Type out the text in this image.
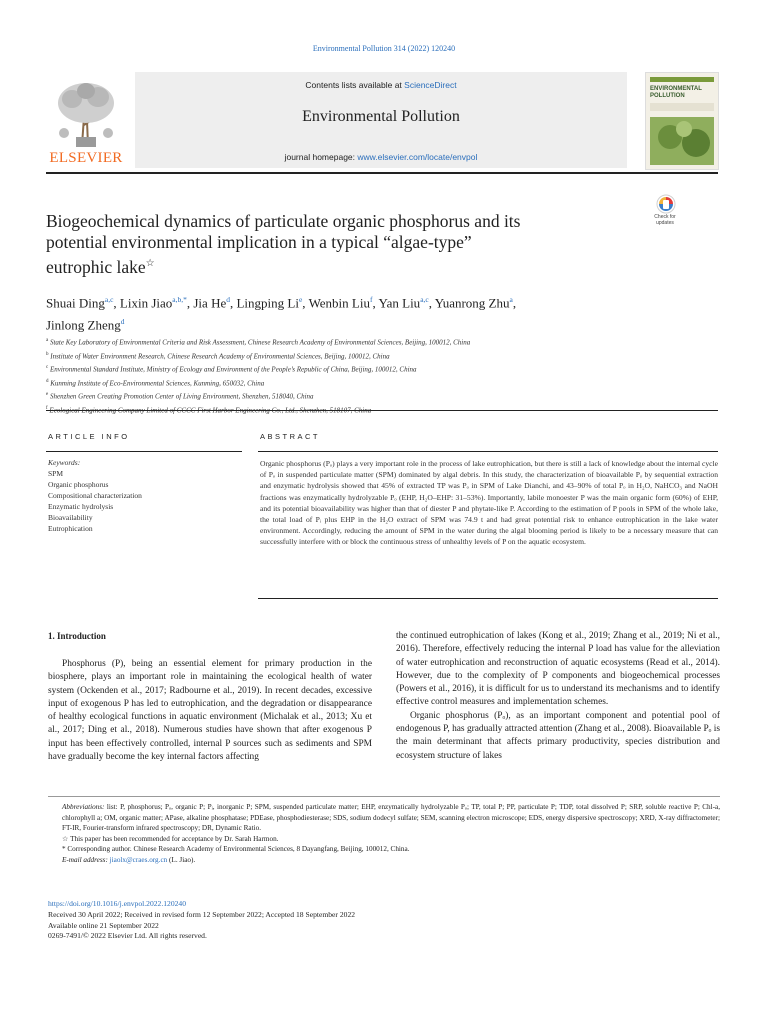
Environmental Pollution 314 (2022) 120240
Contents lists available at ScienceDirect
Environmental Pollution
journal homepage: www.elsevier.com/locate/envpol
ELSEVIER
ENVIRONMENTAL
POLLUTION
Check for
updates
Biogeochemical dynamics of particulate organic phosphorus and its
potential environmental implication in a typical “algae-type”
eutrophic lake☆
Shuai Ding$^{a,c}$, Lixin Jiao$^{a,b,*}$, Jia He$^d$, Lingping Li$^e$, Wenbin Liu$^f$, Yan Liu$^{a,c}$, Yuanrong Zhu$^a$,
Jinlong Zheng$^d$
$^a$ State Key Laboratory of Environmental Criteria and Risk Assessment, Chinese Research Academy of Environmental Sciences, Beijing, 100012, China
$^b$ Institute of Water Environment Research, Chinese Research Academy of Environmental Sciences, Beijing, 100012, China
$^c$ Environmental Standard Institute, Ministry of Ecology and Environment of the People’s Republic of China, Beijing, 100012, China
$^d$ Kunming Institute of Eco-Environmental Sciences, Kunming, 650032, China
$^e$ Shenzhen Green Creating Promotion Center of Living Environment, Shenzhen, 518040, China
$^f$
ARTICLE INFO	ABSTRACT
Keywords:
SPM
Organic phosphorus
Compositional characterization
Enzymatic hydrolysis
Bioavailability
Eutrophication
Organic phosphorus (Pₒ) plays a very important role in the process of lake eutrophication, but there is still a lack of knowledge about the internal cycle of Pₒ in suspended particulate matter (SPM) dominated by algal debris. In this study, the characterization of bioavailable Pₒ by sequential extraction and enzymatic hydrolysis showed that 45% of extracted TP was Pₒ in SPM of Lake Dianchi, and 43–90% of total Pₒ in H₂O, NaHCO₃ and NaOH fractions was enzymatically hydrolyzable Pₒ (EHP, H₂O–EHP: 31–53%). Importantly, labile monoester P was the main organic form (60%) of EHP, and its potential bioavailability was higher than that of diester P and phytate-like P. According to the estimation of P pools in SPM of the whole lake, the total load of Pᵢ plus EHP in the H₂O extract of SPM was 74.9 t and had great potential risk to enhance eutrophication in the lake water environment. Accordingly, reducing the amount of SPM in the water during the algal blooming period is likely to be a necessary measure that can successfully interfere with or block the continuous stress of unhealthy levels of P on the aquatic ecosystem.
1. Introduction

Phosphorus (P), being an essential element for primary production in the biosphere, plays an important role in maintaining the ecological health of water system (Ockenden et al., 2017; Radbourne et al., 2019). In recent decades, excessive input of exogenous P has led to eutrophication, and the degradation or disappearance of healthy ecological functions in aquatic environment (Michalak et al., 2013; Xu et al., 2017; Ding et al., 2018). Numerous studies have shown that after exogenous P input has been effectively controlled, internal P sources such as sediments and SPM have gradually become the key internal factors affecting

the continued eutrophication of lakes (Kong et al., 2019; Zhang et al., 2019; Ni et al., 2016). Therefore, effectively reducing the internal P load has value for the alleviation of water eutrophication and reconstruction of aquatic ecosystems (Read et al., 2014). However, due to the complexity of P components and biogeochemical processes (Powers et al., 2016), it is difficult for us to understand its mechanisms and to identify effective control measures and implementation schemes.

Organic phosphorus (Pₒ), as an important component and potential pool of endogenous P, has gradually attracted attention (Zhang et al., 2008). Bioavailable Pₒ is the main determinant that affects primary productivity, species distribution and ecosystem structure of lakes

Abbreviations: list: P, phosphorus; Pₒ, organic P; Pᵢ, inorganic P; SPM, suspended particulate matter; EHP, enzymatically hydrolyzable Pₒ; TP, total P; PP, particulate P; TDP, total dissolved P; SRP, soluble reactive P; Chl-a, chlorophyll a; OM, organic matter; APase, alkaline phosphatase; PDEase, phosphodiesterase; SDS, sodium dodecyl sulfate; SEM, scanning electron microscope; EDS, energy dispersive spectroscopy; XRD, X-ray diffractometer; FT-IR, Fourier-transform infrared spectroscopy; DR, Dynamic Ratio.

☆ This paper has been recommended for acceptance by Dr. Sarah Harmon.

* Corresponding author. Chinese Research Academy of Environmental Sciences, 8 Dayangfang, Beijing, 100012, China.

E-mail address: jiaolx@craes.org.cn (L. Jiao).

https://doi.org/10.1016/j.envpol.2022.120240
Received 30 April 2022; Received in revised form 12 September 2022; Accepted 18 September 2022
Available online 21 September 2022
0269-7491/© 2022 Elsevier Ltd. All rights reserved.
